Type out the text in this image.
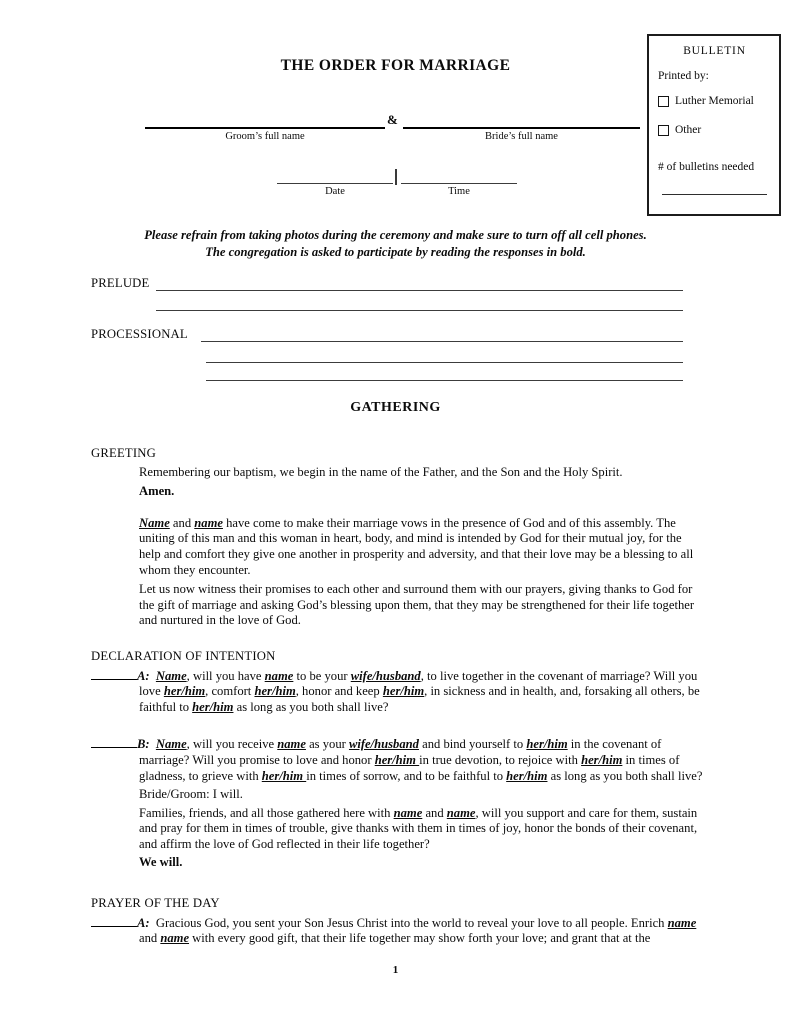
THE ORDER FOR MARRIAGE
BULLETIN
Printed by:
Luther Memorial
Other
# of bulletins needed
&
Groom’s full name	Bride’s full name
Date	Time
Please refrain from taking photos during the ceremony and make sure to turn off all cell phones.
The congregation is asked to participate by reading the responses in bold.
PRELUDE
PROCESSIONAL
GATHERING
GREETING

Remembering our baptism, we begin in the name of the Father, and the Son and the Holy Spirit.

Amen.

Name and name have come to make their marriage vows in the presence of God and of this assembly. The uniting of this man and this woman in heart, body, and mind is intended by God for their mutual joy, for the help and comfort they give one another in prosperity and adversity, and that their love may be a blessing to all whom they encounter.

Let us now witness their promises to each other and surround them with our prayers, giving thanks to God for the gift of marriage and asking God’s blessing upon them, that they may be strengthened for their life together and nurtured in the love of God.

DECLARATION OF INTENTION

A: Name, will you have name to be your wife/husband, to live together in the covenant of marriage? Will you love her/him, comfort her/him, honor and keep her/him, in sickness and in health, and, forsaking all others, be faithful to her/him as long as you both shall live?

B: Name, will you receive name as your wife/husband and bind yourself to her/him in the covenant of marriage? Will you promise to love and honor her/him in true devotion, to rejoice with her/him in times of gladness, to grieve with her/him in times of sorrow, and to be faithful to her/him as long as you both shall live?

Bride/Groom: I will.

Families, friends, and all those gathered here with name and name, will you support and care for them, sustain and pray for them in times of trouble, give thanks with them in times of joy, honor the bonds of their covenant, and affirm the love of God reflected in their life together?

We will.

PRAYER OF THE DAY

A:  Gracious God, you sent your Son Jesus Christ into the world to reveal your love to all people. Enrich name and name with every good gift, that their life together may show forth your love; and grant that at the

1
